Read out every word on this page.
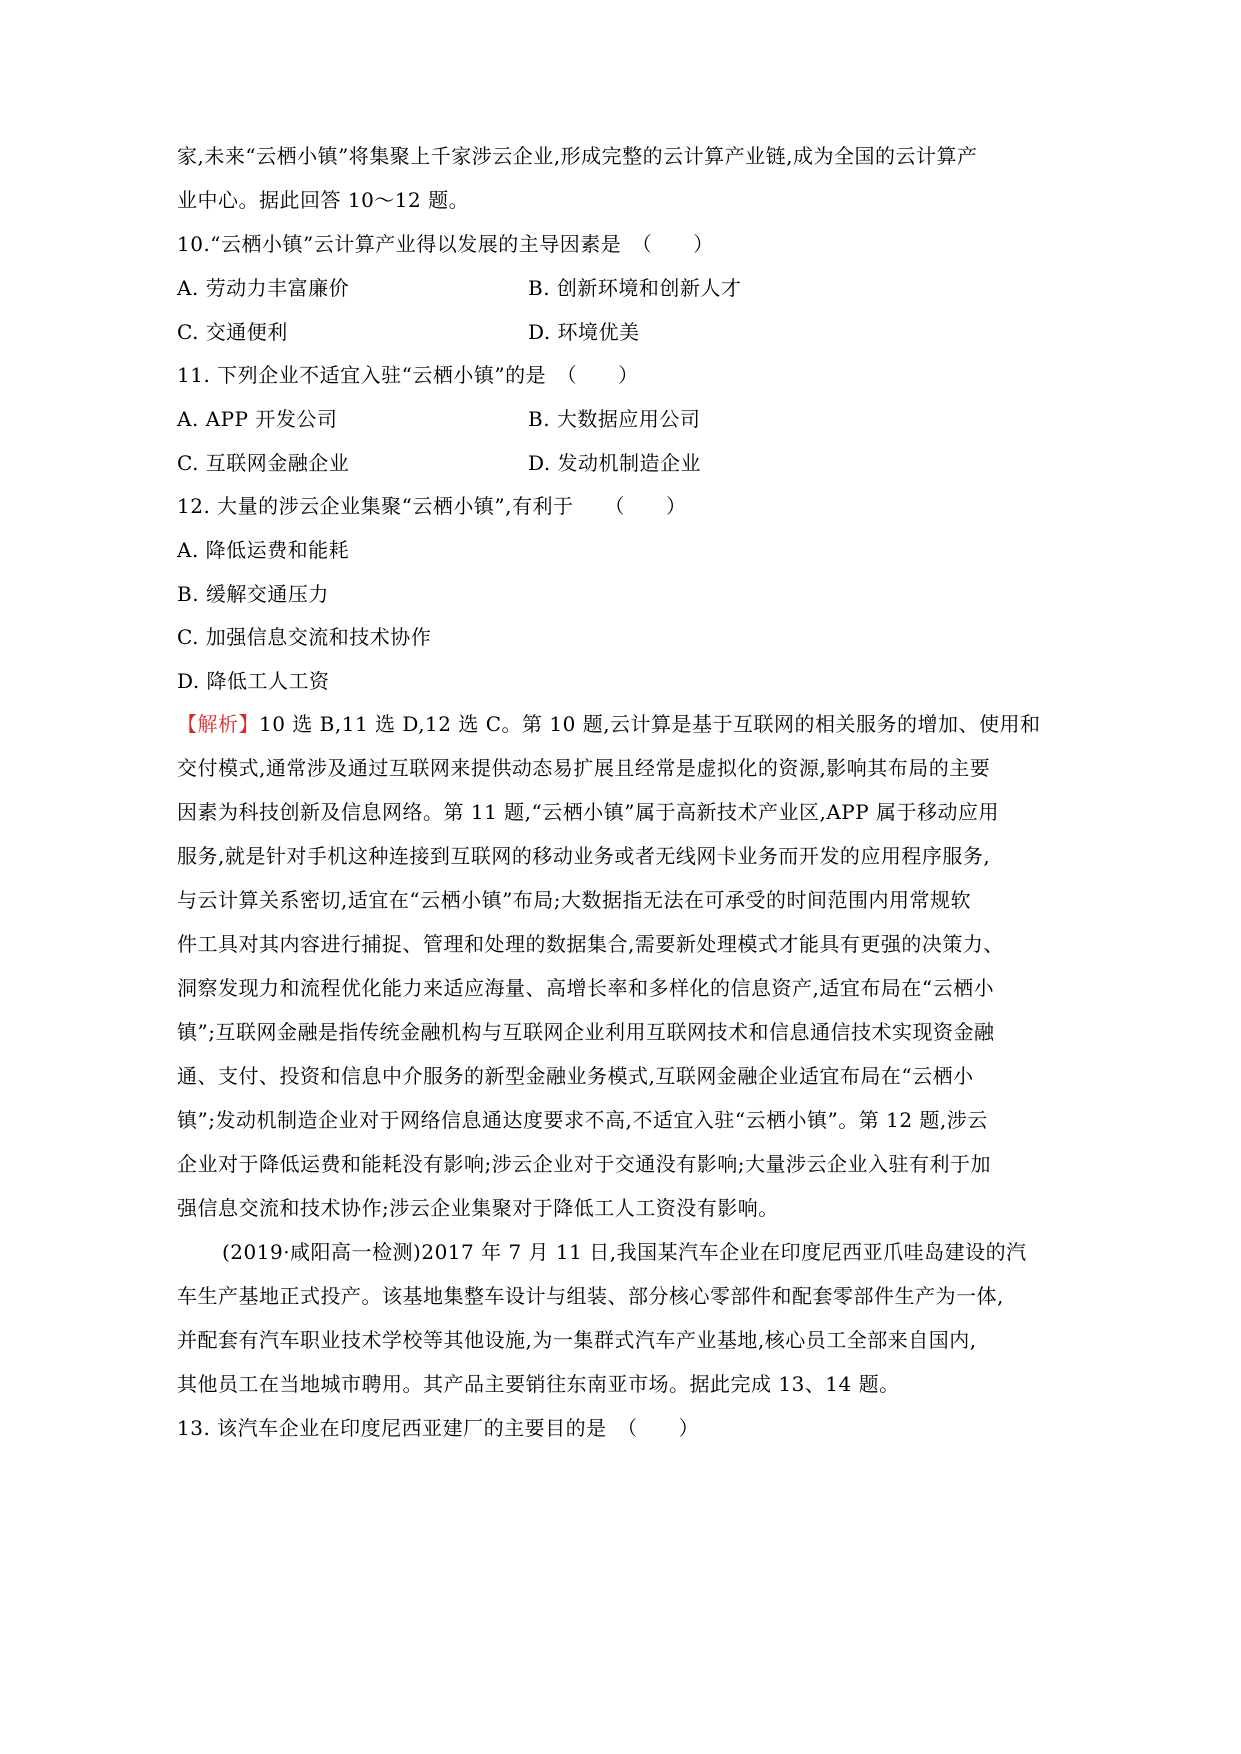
家,未来“云栖小镇”将集聚上千家涉云企业,形成完整的云计算产业链,成为全国的云计算产
业中心。据此回答 10～12 题。
10.“云栖小镇”云计算产业得以发展的主导因素是　（　　）
A. 劳动力丰富廉价	B. 创新环境和创新人才
C. 交通便利	D. 环境优美
11. 下列企业不适宜入驻“云栖小镇”的是　（　　）
A. APP 开发公司	B. 大数据应用公司
C. 互联网金融企业	D. 发动机制造企业
12. 大量的涉云企业集聚“云栖小镇”,有利于　　（　　）
A. 降低运费和能耗
B. 缓解交通压力
C. 加强信息交流和技术协作
D. 降低工人工资
【解析】10 选 B,11 选 D,12 选 C。第 10 题,云计算是基于互联网的相关服务的增加、使用和
交付模式,通常涉及通过互联网来提供动态易扩展且经常是虚拟化的资源,影响其布局的主要
因素为科技创新及信息网络。第 11 题,“云栖小镇”属于高新技术产业区,APP 属于移动应用
服务,就是针对手机这种连接到互联网的移动业务或者无线网卡业务而开发的应用程序服务,
与云计算关系密切,适宜在“云栖小镇”布局;大数据指无法在可承受的时间范围内用常规软
件工具对其内容进行捕捉、管理和处理的数据集合,需要新处理模式才能具有更强的决策力、
洞察发现力和流程优化能力来适应海量、高增长率和多样化的信息资产,适宜布局在“云栖小
镇”;互联网金融是指传统金融机构与互联网企业利用互联网技术和信息通信技术实现资金融
通、支付、投资和信息中介服务的新型金融业务模式,互联网金融企业适宜布局在“云栖小
镇”;发动机制造企业对于网络信息通达度要求不高,不适宜入驻“云栖小镇”。第 12 题,涉云
企业对于降低运费和能耗没有影响;涉云企业对于交通没有影响;大量涉云企业入驻有利于加
强信息交流和技术协作;涉云企业集聚对于降低工人工资没有影响。
(2019·咸阳高一检测)2017 年 7 月 11 日,我国某汽车企业在印度尼西亚爪哇岛建设的汽
车生产基地正式投产。该基地集整车设计与组装、部分核心零部件和配套零部件生产为一体,
并配套有汽车职业技术学校等其他设施,为一集群式汽车产业基地,核心员工全部来自国内,
其他员工在当地城市聘用。其产品主要销往东南亚市场。据此完成 13、14 题。
13. 该汽车企业在印度尼西亚建厂的主要目的是　（　　）
